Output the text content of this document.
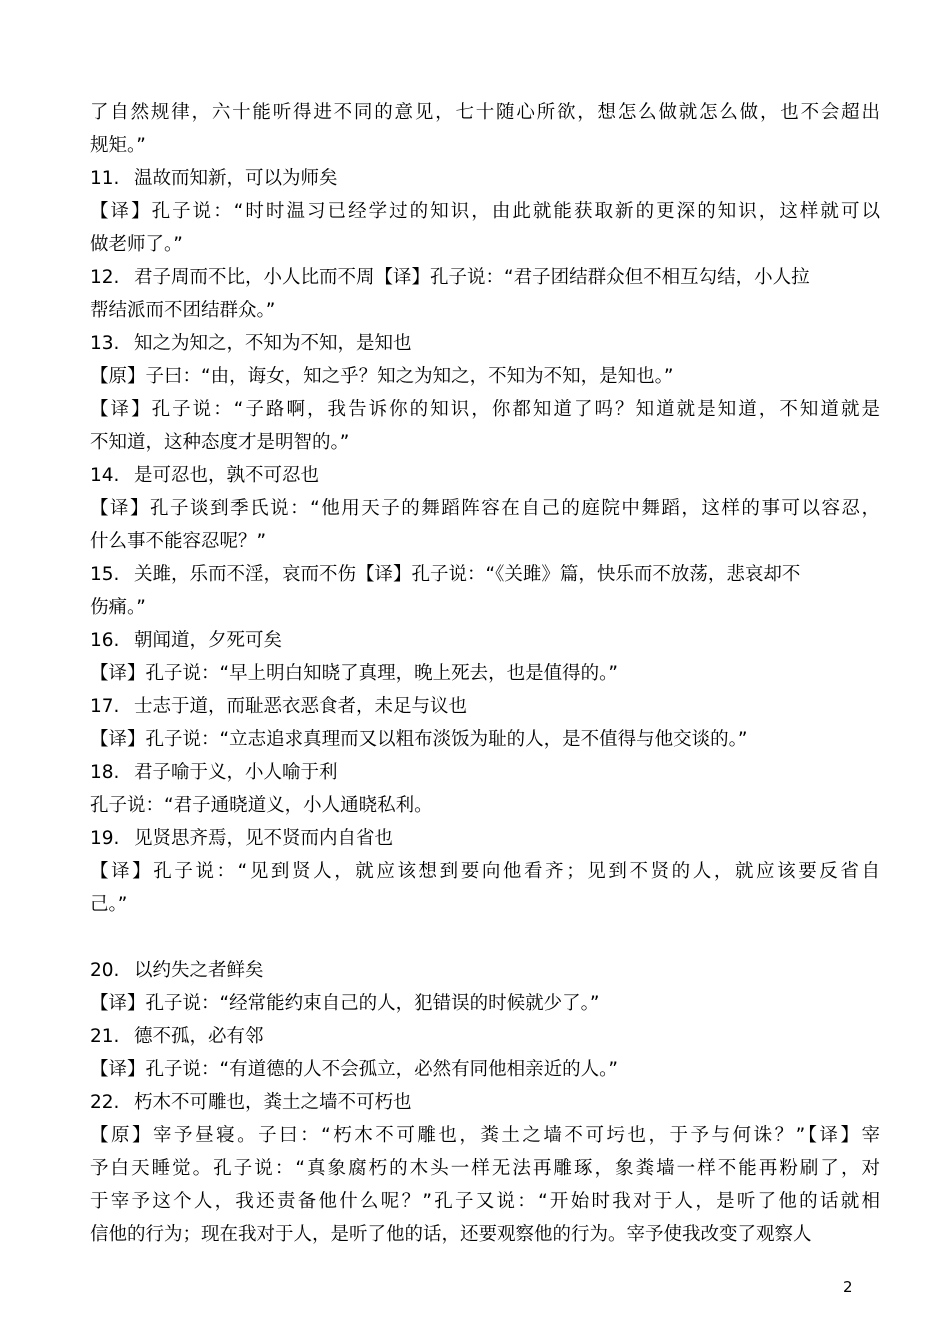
了自然规律，六十能听得进不同的意见，七十随心所欲，想怎么做就怎么做，也不会超出
规矩。”
11. 温故而知新，可以为师矣
【译】孔子说：“时时温习已经学过的知识，由此就能获取新的更深的知识，这样就可以
做老师了。”
12. 君子周而不比，小人比而不周【译】孔子说：“君子团结群众但不相互勾结，小人拉
帮结派而不团结群众。”
13. 知之为知之，不知为不知，是知也
【原】子曰：“由，诲女，知之乎？知之为知之，不知为不知，是知也。”
【译】孔子说：“子路啊，我告诉你的知识，你都知道了吗？知道就是知道，不知道就是
不知道，这种态度才是明智的。”
14. 是可忍也，孰不可忍也
【译】孔子谈到季氏说：“他用天子的舞蹈阵容在自己的庭院中舞蹈，这样的事可以容忍，
什么事不能容忍呢？”
15. 关雎，乐而不淫，哀而不伤【译】孔子说：“《关雎》篇，快乐而不放荡，悲哀却不
伤痛。”
16. 朝闻道，夕死可矣
【译】孔子说：“早上明白知晓了真理，晚上死去，也是值得的。”
17. 士志于道，而耻恶衣恶食者，未足与议也
【译】孔子说：“立志追求真理而又以粗布淡饭为耻的人，是不值得与他交谈的。”
18. 君子喻于义，小人喻于利
孔子说：“君子通晓道义，小人通晓私利。
19. 见贤思齐焉，见不贤而内自省也
【译】孔子说：“见到贤人，就应该想到要向他看齐；见到不贤的人，就应该要反省自
己。”
20. 以约失之者鲜矣
【译】孔子说：“经常能约束自己的人，犯错误的时候就少了。”
21. 德不孤，必有邻
【译】孔子说：“有道德的人不会孤立，必然有同他相亲近的人。”
22. 朽木不可雕也，粪土之墙不可朽也
【原】宰予昼寝。子曰：“朽木不可雕也，粪土之墙不可圬也，于予与何诛？”【译】宰
予白天睡觉。孔子说：“真象腐朽的木头一样无法再雕琢，象粪墙一样不能再粉刷了，对
于宰予这个人，我还责备他什么呢？”孔子又说：“开始时我对于人，是听了他的话就相
信他的行为；现在我对于人，是听了他的话，还要观察他的行为。宰予使我改变了观察人
2
